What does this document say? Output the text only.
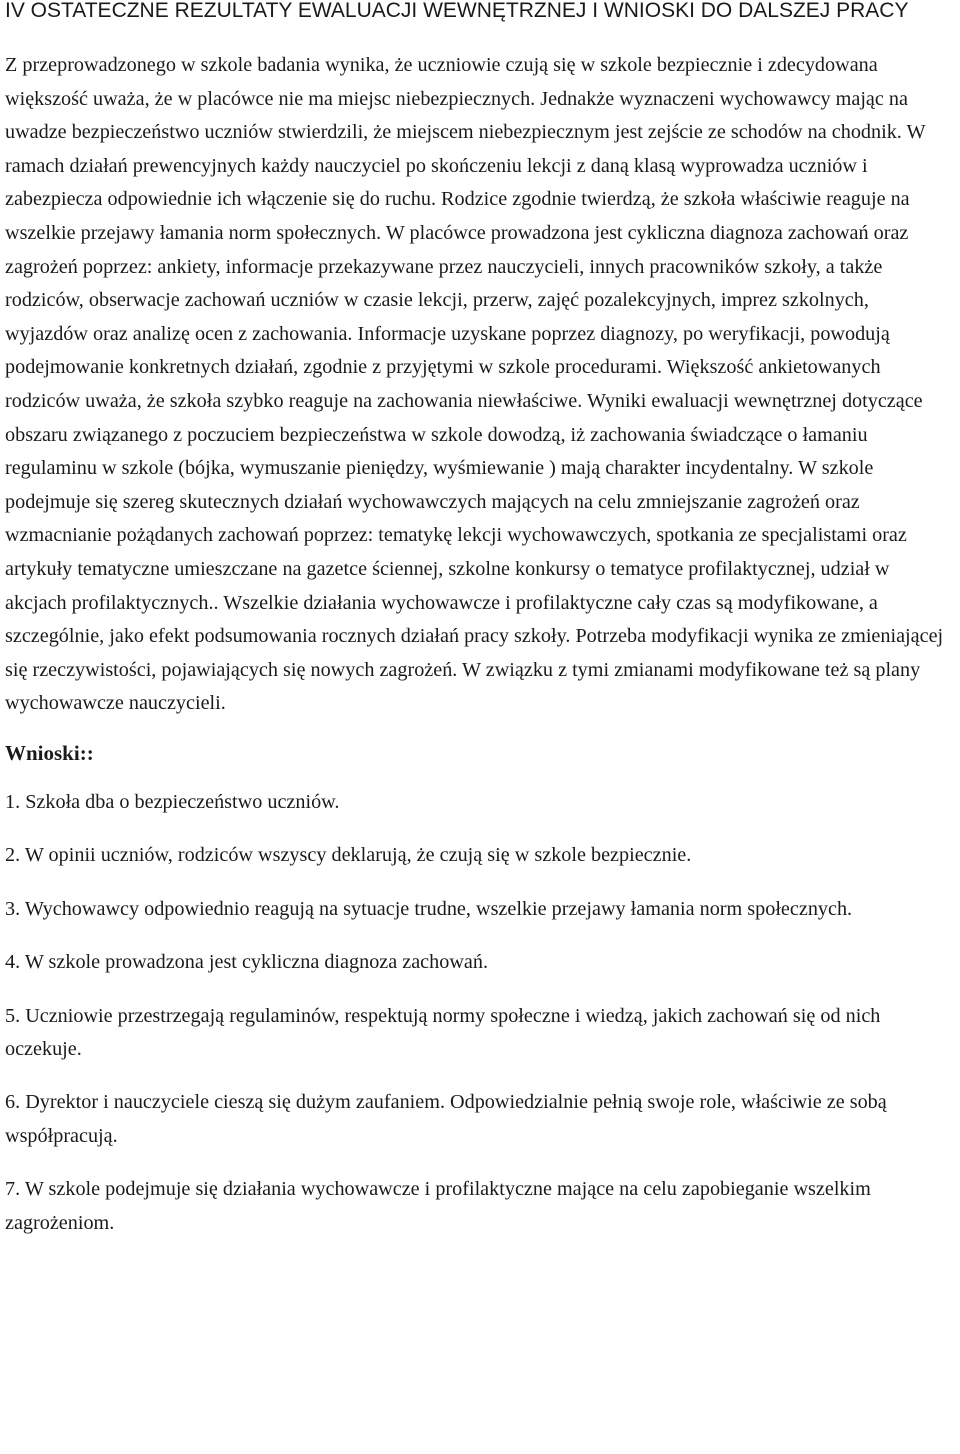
IV OSTATECZNE REZULTATY EWALUACJI WEWNĘTRZNEJ I WNIOSKI DO DALSZEJ PRACY

Z przeprowadzonego w szkole badania wynika, że uczniowie czują się w szkole bezpiecznie i zdecydowana większość uważa, że w placówce nie ma miejsc niebezpiecznych. Jednakże wyznaczeni wychowawcy mając na uwadze bezpieczeństwo uczniów stwierdzili, że miejscem niebezpiecznym jest zejście ze schodów na chodnik. W ramach działań prewencyjnych każdy nauczyciel po skończeniu lekcji z daną klasą wyprowadza uczniów i zabezpiecza odpowiednie ich włączenie się do ruchu. Rodzice zgodnie twierdzą, że szkoła właściwie reaguje na wszelkie przejawy łamania norm społecznych. W placówce prowadzona jest cykliczna diagnoza zachowań oraz zagrożeń poprzez: ankiety, informacje przekazywane przez nauczycieli, innych pracowników szkoły, a także rodziców, obserwacje zachowań uczniów w czasie lekcji, przerw, zajęć pozalekcyjnych, imprez szkolnych, wyjazdów oraz analizę ocen z zachowania. Informacje uzyskane poprzez diagnozy, po weryfikacji, powodują podejmowanie konkretnych działań, zgodnie z przyjętymi w szkole procedurami. Większość ankietowanych rodziców uważa, że szkoła szybko reaguje na zachowania niewłaściwe. Wyniki ewaluacji wewnętrznej dotyczące obszaru związanego z poczuciem bezpieczeństwa w szkole dowodzą, iż zachowania świadczące o łamaniu regulaminu w szkole (bójka, wymuszanie pieniędzy, wyśmiewanie ) mają charakter incydentalny. W szkole podejmuje się szereg skutecznych działań wychowawczych mających na celu zmniejszanie zagrożeń oraz wzmacnianie pożądanych zachowań poprzez: tematykę lekcji wychowawczych, spotkania ze specjalistami oraz artykuły tematyczne umieszczane na gazetce ściennej, szkolne konkursy o tematyce profilaktycznej, udział w akcjach profilaktycznych.. Wszelkie działania wychowawcze i profilaktyczne cały czas są modyfikowane, a szczególnie, jako efekt podsumowania rocznych działań pracy szkoły. Potrzeba modyfikacji wynika ze zmieniającej się rzeczywistości, pojawiających się nowych zagrożeń. W związku z tymi zmianami modyfikowane też są plany wychowawcze nauczycieli.

Wnioski::
1. Szkoła dba o bezpieczeństwo uczniów.
2. W opinii uczniów, rodziców wszyscy deklarują, że czują się w szkole bezpiecznie.
3. Wychowawcy odpowiednio reagują na sytuacje trudne, wszelkie przejawy łamania norm społecznych.
4. W szkole prowadzona jest cykliczna diagnoza zachowań.
5. Uczniowie przestrzegają regulaminów, respektują normy społeczne i wiedzą, jakich zachowań się od nich oczekuje.
6. Dyrektor i nauczyciele cieszą się dużym zaufaniem. Odpowiedzialnie pełnią swoje role, właściwie ze sobą współpracują.
7. W szkole podejmuje się działania wychowawcze i profilaktyczne mające na celu zapobieganie wszelkim zagrożeniom.
